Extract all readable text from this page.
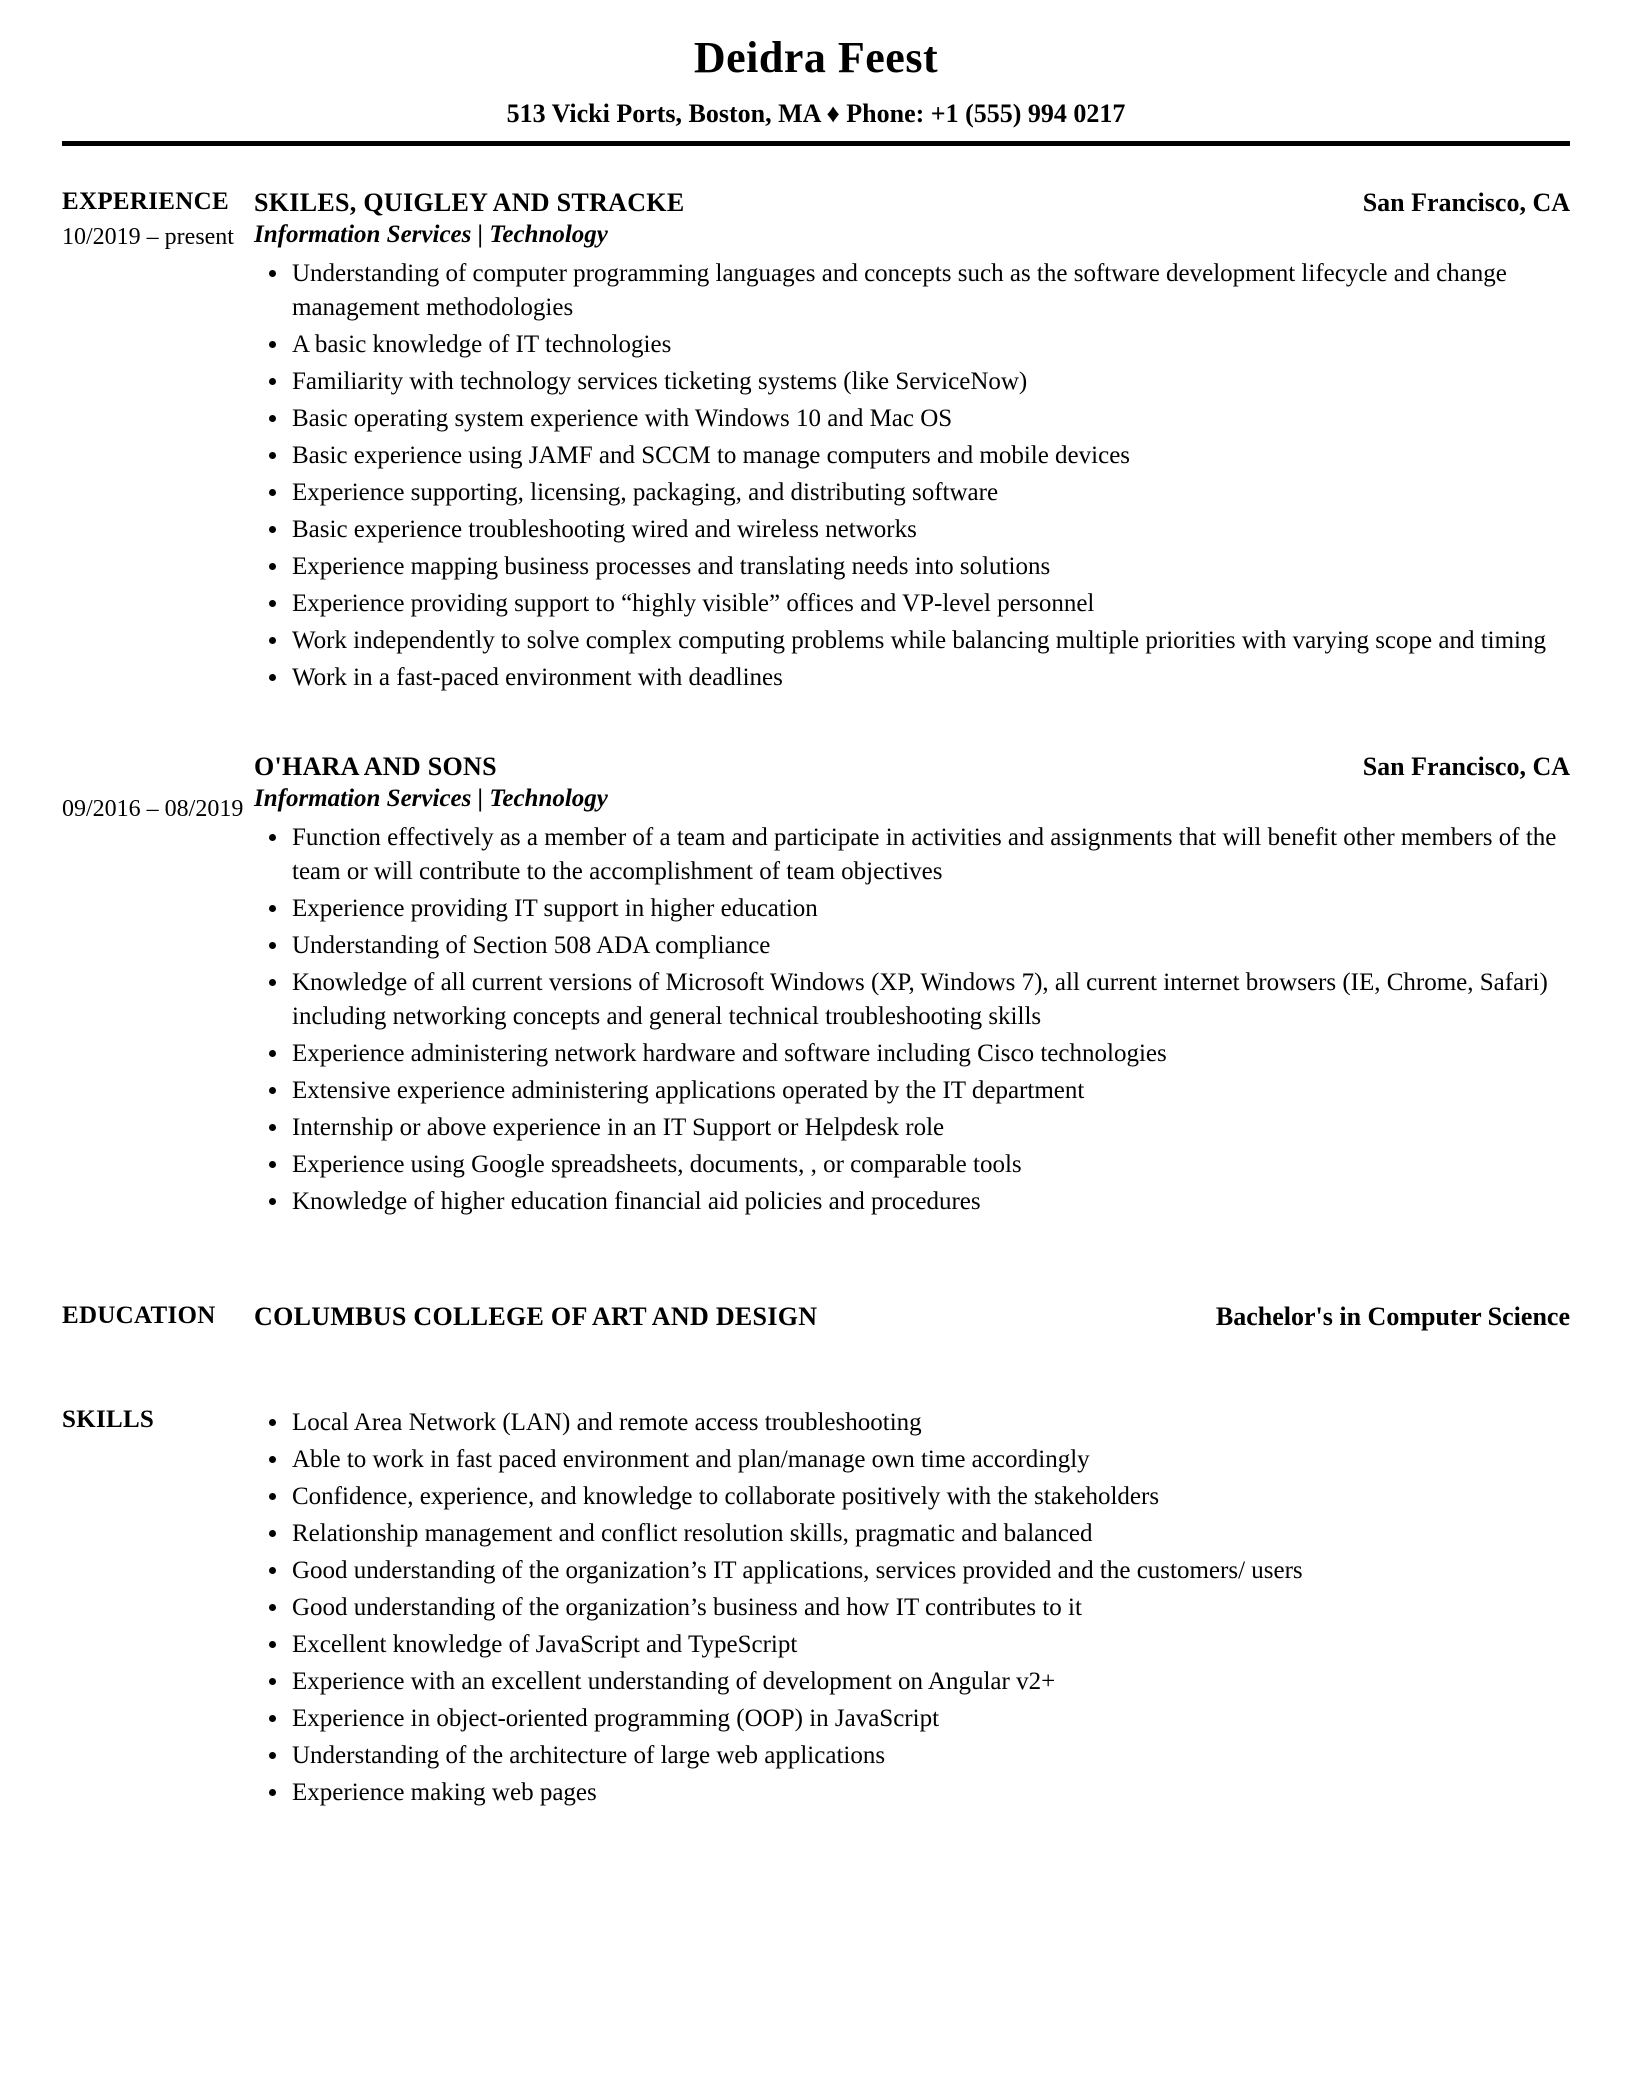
Deidra Feest
513 Vicki Ports, Boston, MA ♦ Phone: +1 (555) 994 0217
EXPERIENCE
10/2019 – present
SKILES, QUIGLEY AND STRACKE	San Francisco, CA
Information Services | Technology
• Understanding of computer programming languages and concepts such as the software development lifecycle and change management methodologies
• A basic knowledge of IT technologies
• Familiarity with technology services ticketing systems (like ServiceNow)
• Basic operating system experience with Windows 10 and Mac OS
• Basic experience using JAMF and SCCM to manage computers and mobile devices
• Experience supporting, licensing, packaging, and distributing software
• Basic experience troubleshooting wired and wireless networks
• Experience mapping business processes and translating needs into solutions
• Experience providing support to “highly visible” offices and VP-level personnel
• Work independently to solve complex computing problems while balancing multiple priorities with varying scope and timing
• Work in a fast-paced environment with deadlines
09/2016 – 08/2019
O'HARA AND SONS	San Francisco, CA
Information Services | Technology
• Function effectively as a member of a team and participate in activities and assignments that will benefit other members of the team or will contribute to the accomplishment of team objectives
• Experience providing IT support in higher education
• Understanding of Section 508 ADA compliance
• Knowledge of all current versions of Microsoft Windows (XP, Windows 7), all current internet browsers (IE, Chrome, Safari) including networking concepts and general technical troubleshooting skills
• Experience administering network hardware and software including Cisco technologies
• Extensive experience administering applications operated by the IT department
• Internship or above experience in an IT Support or Helpdesk role
• Experience using Google spreadsheets, documents, , or comparable tools
• Knowledge of higher education financial aid policies and procedures
EDUCATION	COLUMBUS COLLEGE OF ART AND DESIGN	Bachelor's in Computer Science
SKILLS	• Local Area Network (LAN) and remote access troubleshooting
• Able to work in fast paced environment and plan/manage own time accordingly
• Confidence, experience, and knowledge to collaborate positively with the stakeholders
• Relationship management and conflict resolution skills, pragmatic and balanced
• Good understanding of the organization’s IT applications, services provided and the customers/ users
• Good understanding of the organization’s business and how IT contributes to it
• Excellent knowledge of JavaScript and TypeScript
• Experience with an excellent understanding of development on Angular v2+
• Experience in object-oriented programming (OOP) in JavaScript
• Understanding of the architecture of large web applications
• Experience making web pages
